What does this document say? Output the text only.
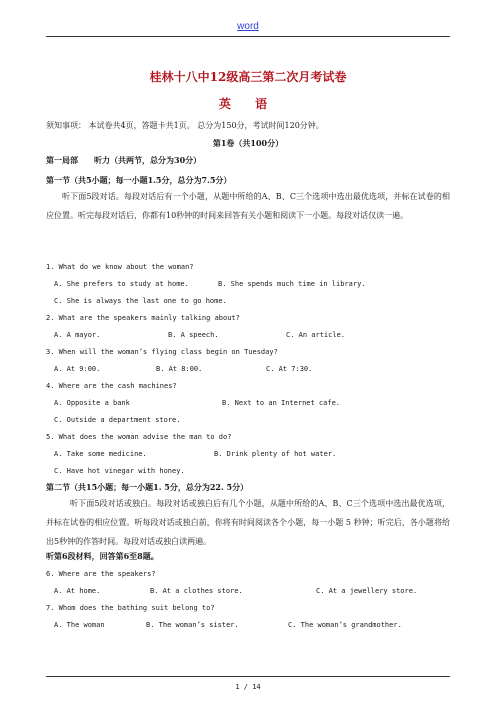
word
桂林十八中12级高三第二次月考试卷
英 语
须知事项： 本试卷共4页，答题卡共1页。 总分为150分，考试时间120分钟。
第1卷（共100分）
第一局部　　听力（共两节，总分为30分）
第一节（共5小题；每一小题1.5分，总分为7.5分）
听下面5段对话。每段对话后有一个小题，从题中所给的A、B、C三个选项中选出最优选项，并标在试卷的相应位置。听完每段对话后，你都有10秒钟的时间来回答有关小题和阅读下一小题。每段对话仅读一遍。
1. What do we know about the woman?
A. She prefers to study at home.	B. She spends much time in library.
C. She is always the last one to go home.
2. What are the speakers mainly talking about?
A. A mayor.	B. A speech.	C. An article.
3. When will the woman’s flying class begin on Tuesday?
A. At 9:00.	B. At 8:00.	C. At 7:30.
4. Where are the cash machines?
A. Opposite a bank	B. Next to an Internet cafe.
C. Outside a department store.
5. What does the woman advise the man to do?
A. Take some medicine.	B. Drink plenty of hot water.
C. Have hot vinegar with honey.
第二节（共15小题；每一小题1. 5分，总分为22. 5分）
听下面5段对话或独白。每段对话或独白后有几个小题，从题中所给的A、B、C三个选项中选出最优选项，并标在试卷的相应位置。听每段对话或独白前，你将有时间阅读各个小题，每一小题 5 秒钟；听完后，各小题将给出5秒钟的作答时间。每段对话或独白读两遍。
听第6段材料，回答第6至8题。
6. Where are the speakers?
A. At home.	B. At a clothes store.	C. At a jewellery store.
7. Whom does the bathing suit belong to?
A. The woman	B. The woman’s sister.	C. The woman’s grandmother.
1 / 14
